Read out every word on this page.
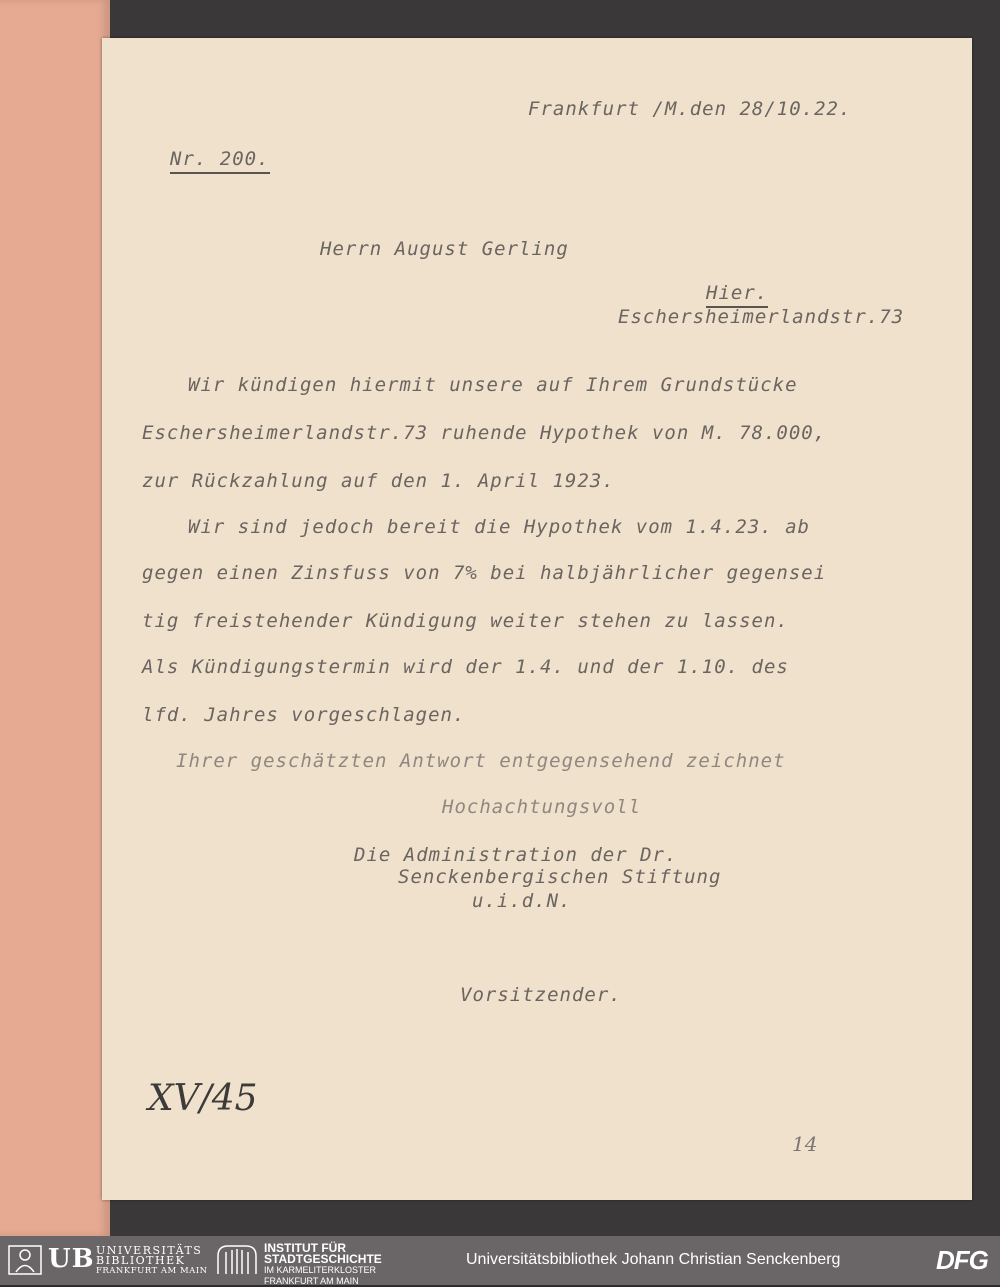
Frankfurt /M.den 28/10.22.

Nr. 200.

Herrn August Gerling

Hier.

Eschersheimerlandstr.73

Wir kündigen hiermit unsere auf Ihrem Grundstücke

Eschersheimerlandstr.73 ruhende Hypothek von M. 78.000,

zur Rückzahlung auf den 1. April 1923.

Wir sind jedoch bereit die Hypothek vom 1.4.23. ab

gegen einen Zinsfuss von 7% bei halbjährlicher gegensei

tig freistehender Kündigung weiter stehen zu lassen.

Als Kündigungstermin wird der 1.4. und der 1.10. des

lfd. Jahres vorgeschlagen.

Ihrer geschätzten Antwort entgegensehend zeichnet

Hochachtungsvoll

Die Administration der Dr.

Senckenbergischen Stiftung

u.i.d.N.

Vorsitzender.

XV/45
14
UB UNIVERSITÄTS
BIBLIOTHEK
FRANKFURT AM MAIN
INSTITUT FÜR
STADTGESCHICHTE
IM KARMELITERKLOSTER
FRANKFURT AM MAIN
Universitätsbibliothek Johann Christian Senckenberg	DFG
